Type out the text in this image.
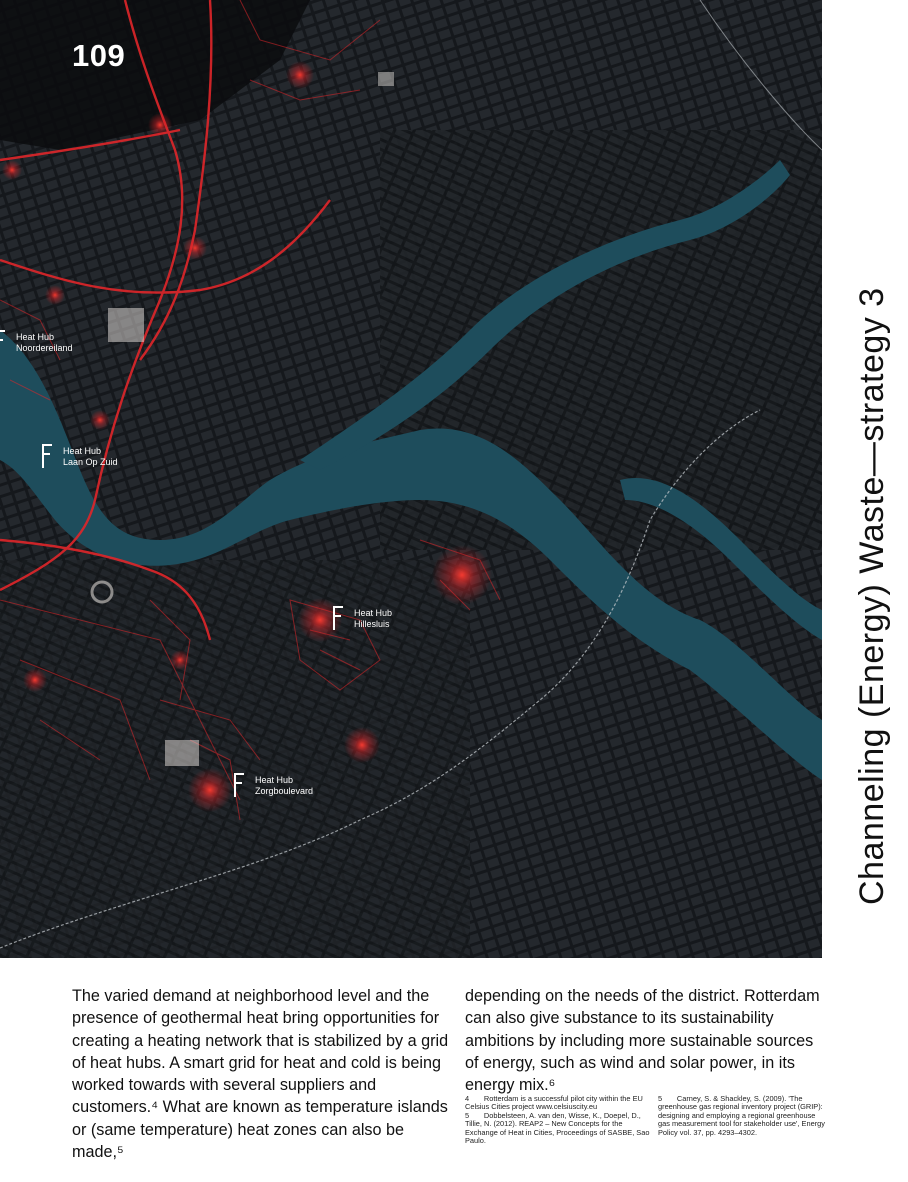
109
Heat Hub
Noordereiland
Heat Hub
Laan Op Zuid
Heat Hub
Hillesluis
Heat Hub
Zorgboulevard	Channeling (Energy) Waste—strategy 3
The varied demand at neighborhood level and the presence of geothermal heat bring opportunities for creating a heating network that is stabilized by a grid of heat hubs. A smart grid for heat and cold is being worked towards with several suppliers and customers.⁴ What are known as temperature islands or (same temperature) heat zones can also be made,⁵
depending on the needs of the district. Rotterdam can also give substance to its sustainability ambitions by including more sustainable sources of energy, such as wind and solar power, in its energy mix.⁶

4  Rotterdam is a successful pilot city within the EU Celsius Cities project www.celsiuscity.eu

5  Dobbelsteen, A. van den, Wisse, K., Doepel, D., Tillie, N. (2012). REAP2 – New Concepts for the Exchange of Heat in Cities, Proceedings of SASBE, Sao Paulo.

5  Carney, S. & Shackley, S. (2009). 'The greenhouse gas regional inventory project (GRIP): designing and employing a regional greenhouse gas measurement tool for stakeholder use', Energy Policy vol. 37, pp. 4293–4302.
